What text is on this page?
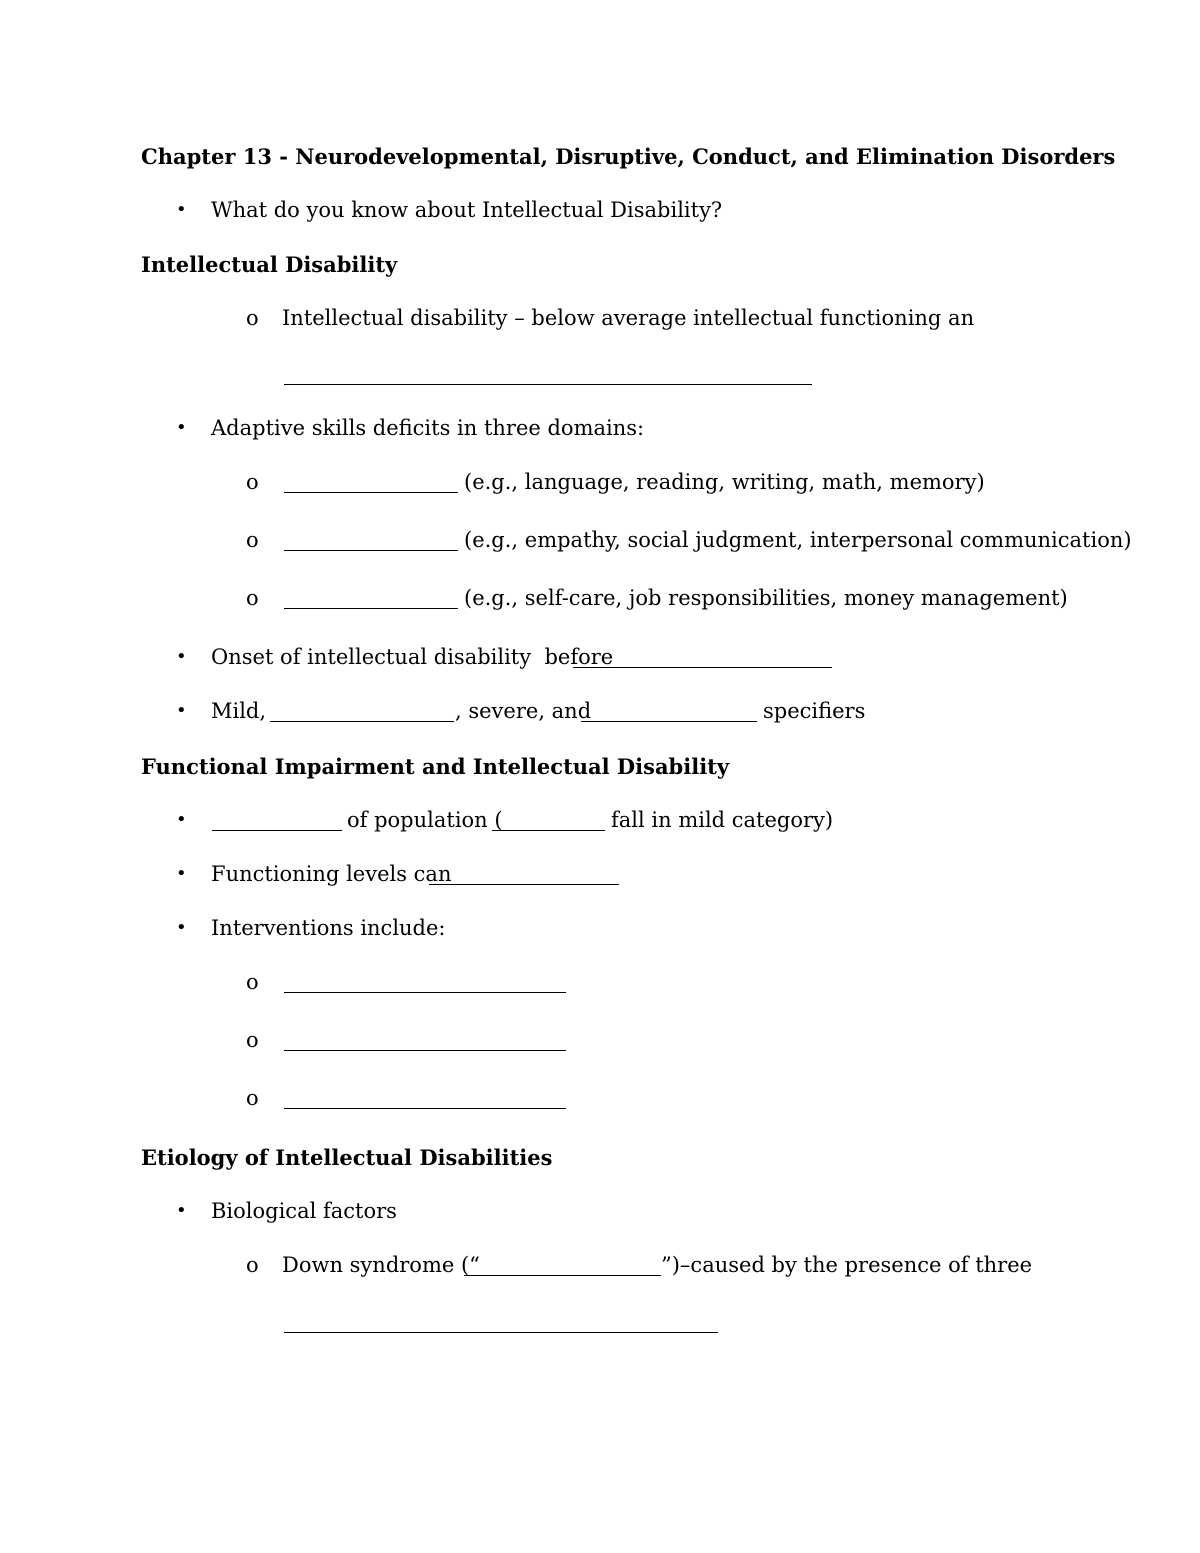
Chapter 13 - Neurodevelopmental, Disruptive, Conduct, and Elimination Disorders
• What do you know about Intellectual Disability?
Intellectual Disability
o Intellectual disability – below average intellectual functioning an
• Adaptive skills deficits in three domains:
o	(e.g., language, reading, writing, math, memory)
o	(e.g., empathy, social judgment, interpersonal communication)
o	(e.g., self-care, job responsibilities, money management)
• Onset of intellectual disability  before
• Mild,	, severe, and	specifiers
Functional Impairment and Intellectual Disability
•	of population (	fall in mild category)
• Functioning levels can
• Interventions include:
o
o
o
Etiology of Intellectual Disabilities
• Biological factors
o Down syndrome (“	”)–caused by the presence of three
